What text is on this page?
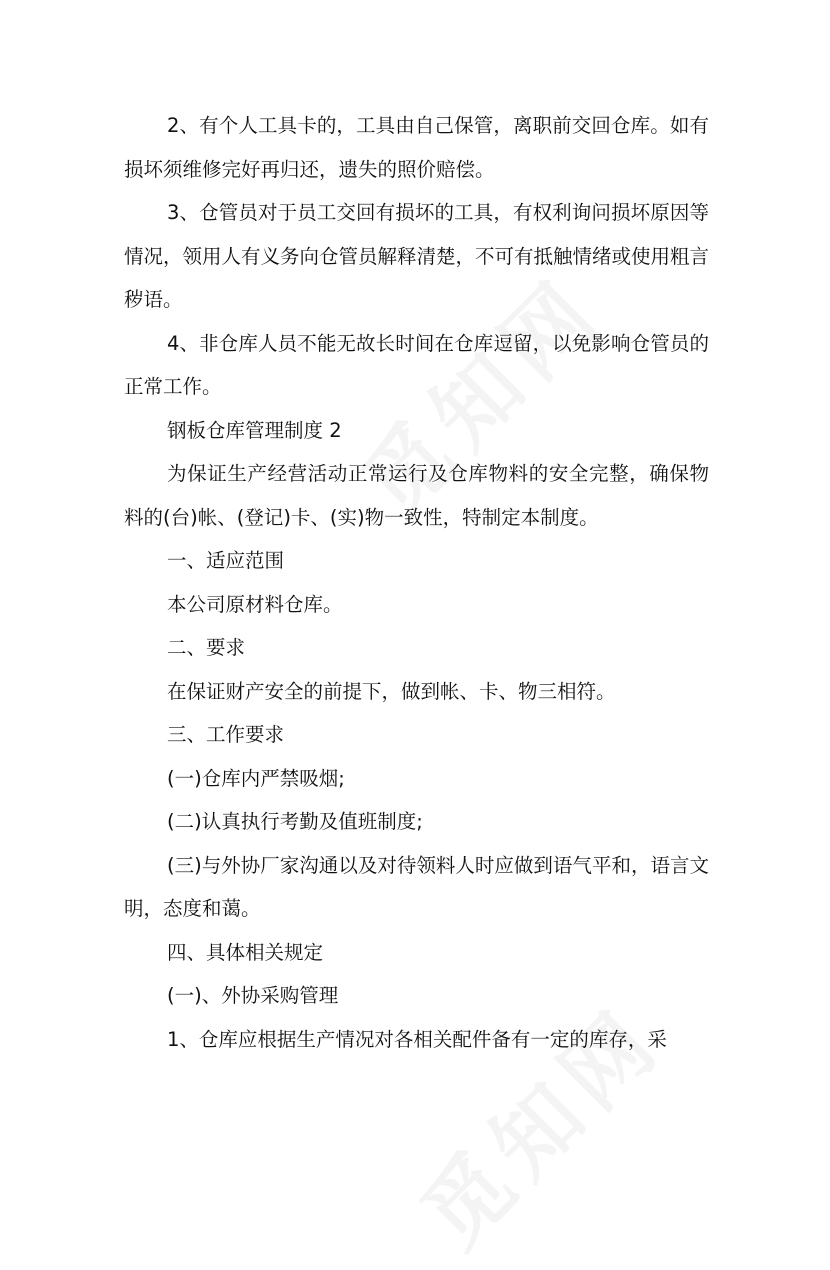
2、有个人工具卡的，工具由自己保管，离职前交回仓库。如有损坏须维修完好再归还，遗失的照价赔偿。

3、仓管员对于员工交回有损坏的工具，有权利询问损坏原因等情况，领用人有义务向仓管员解释清楚，不可有抵触情绪或使用粗言秽语。

4、非仓库人员不能无故长时间在仓库逗留，以免影响仓管员的正常工作。

钢板仓库管理制度 2

为保证生产经营活动正常运行及仓库物料的安全完整，确保物料的(台)帐、(登记)卡、(实)物一致性，特制定本制度。

一、适应范围

本公司原材料仓库。

二、要求

在保证财产安全的前提下，做到帐、卡、物三相符。

三、工作要求

(一)仓库内严禁吸烟;

(二)认真执行考勤及值班制度;

(三)与外协厂家沟通以及对待领料人时应做到语气平和，语言文明，态度和蔼。

四、具体相关规定

(一)、外协采购管理

1、仓库应根据生产情况对各相关配件备有一定的库存，采
